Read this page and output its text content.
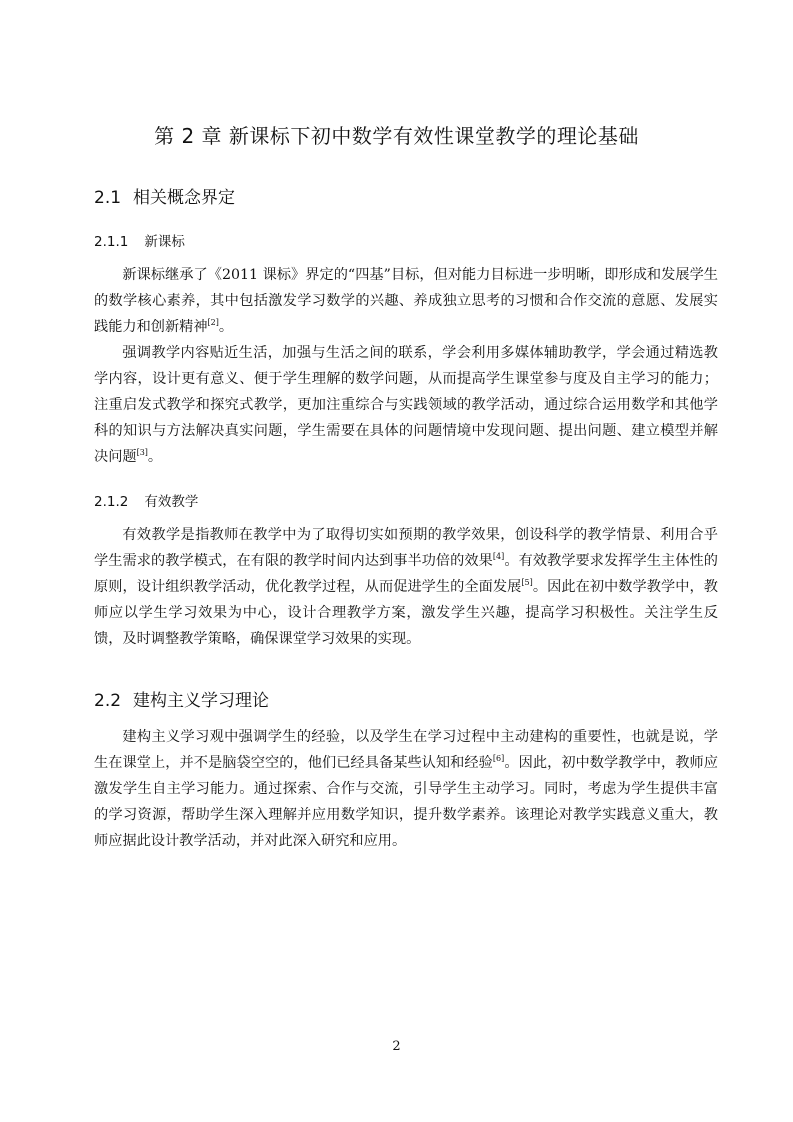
第 2 章 新课标下初中数学有效性课堂教学的理论基础
2.1 相关概念界定
2.1.1 新课标

新课标继承了《2011 课标》界定的“四基”目标，但对能力目标进一步明晰，即形成和发展学生的数学核心素养，其中包括激发学习数学的兴趣、养成独立思考的习惯和合作交流的意愿、发展实践能力和创新精神[2]。

强调教学内容贴近生活，加强与生活之间的联系，学会利用多媒体辅助教学，学会通过精选教学内容，设计更有意义、便于学生理解的数学问题，从而提高学生课堂参与度及自主学习的能力；注重启发式教学和探究式教学，更加注重综合与实践领域的教学活动，通过综合运用数学和其他学科的知识与方法解决真实问题，学生需要在具体的问题情境中发现问题、提出问题、建立模型并解决问题[3]。

2.1.2 有效教学

有效教学是指教师在教学中为了取得切实如预期的教学效果，创设科学的教学情景、利用合乎学生需求的教学模式，在有限的教学时间内达到事半功倍的效果[4]。有效教学要求发挥学生主体性的原则，设计组织教学活动，优化教学过程，从而促进学生的全面发展[5]。因此在初中数学教学中，教师应以学生学习效果为中心，设计合理教学方案，激发学生兴趣，提高学习积极性。关注学生反馈，及时调整教学策略，确保课堂学习效果的实现。

2.2 建构主义学习理论

建构主义学习观中强调学生的经验，以及学生在学习过程中主动建构的重要性，也就是说，学生在课堂上，并不是脑袋空空的，他们已经具备某些认知和经验[6]。因此，初中数学教学中，教师应激发学生自主学习能力。通过探索、合作与交流，引导学生主动学习。同时，考虑为学生提供丰富的学习资源，帮助学生深入理解并应用数学知识，提升数学素养。该理论对教学实践意义重大，教师应据此设计教学活动，并对此深入研究和应用。

2
